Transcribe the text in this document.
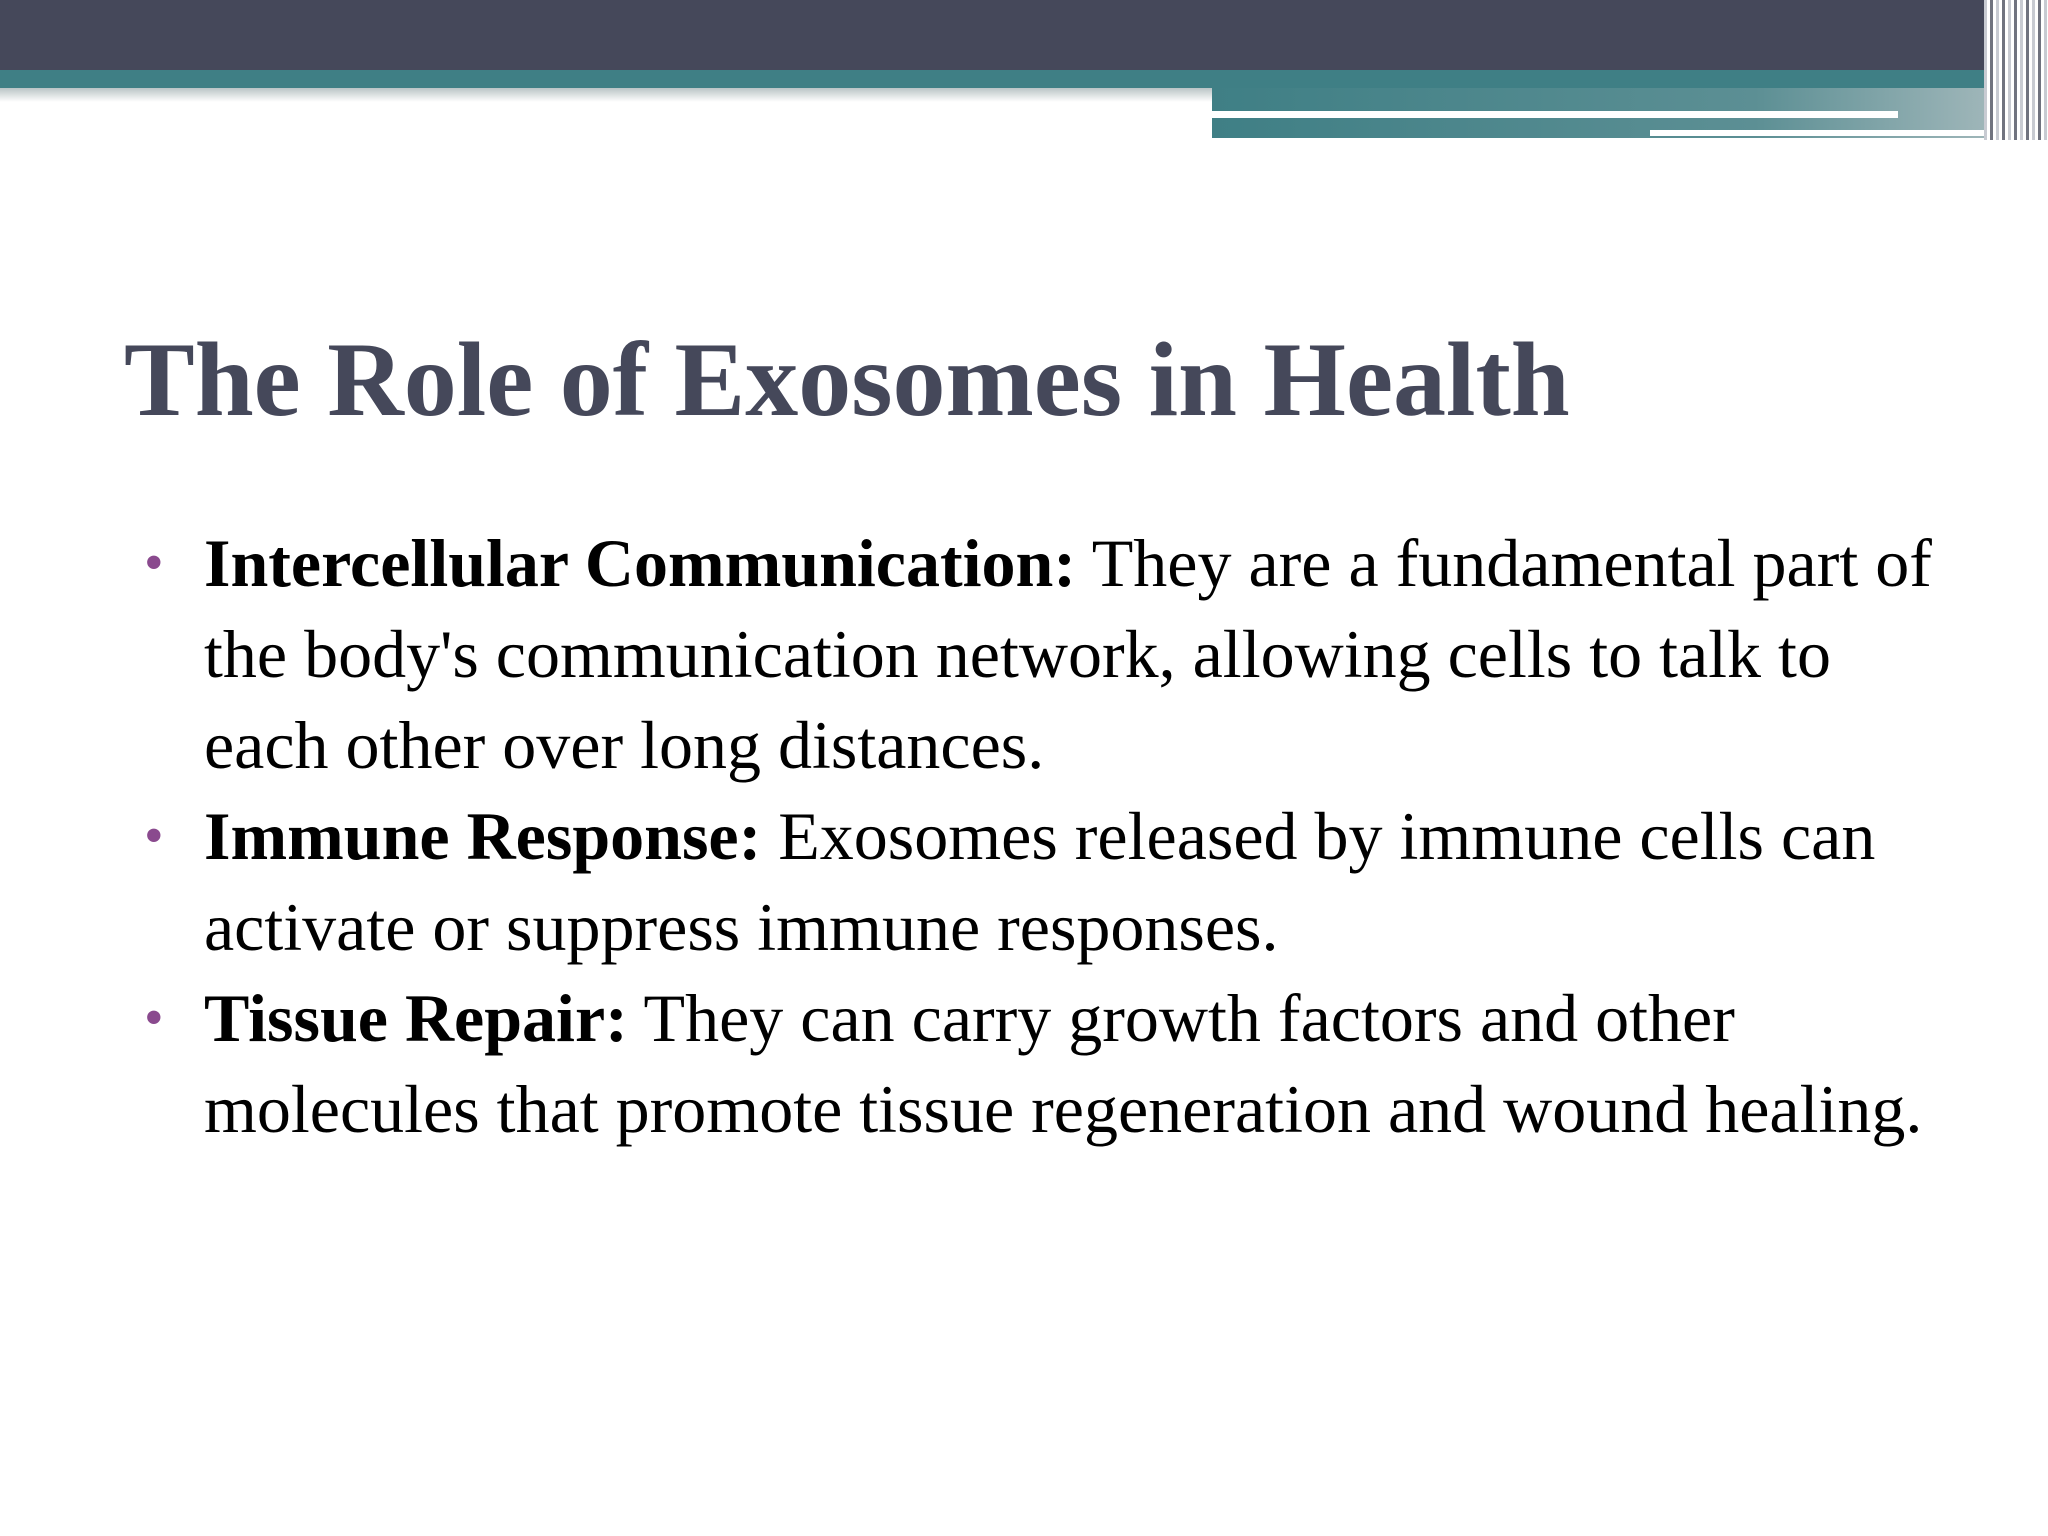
The Role of Exosomes in Health
• Intercellular Communication: They are a fundamental part of the body's communication network, allowing cells to talk to each other over long distances.
• Immune Response: Exosomes released by immune cells can activate or suppress immune responses.
• Tissue Repair: They can carry growth factors and other molecules that promote tissue regeneration and wound healing.
